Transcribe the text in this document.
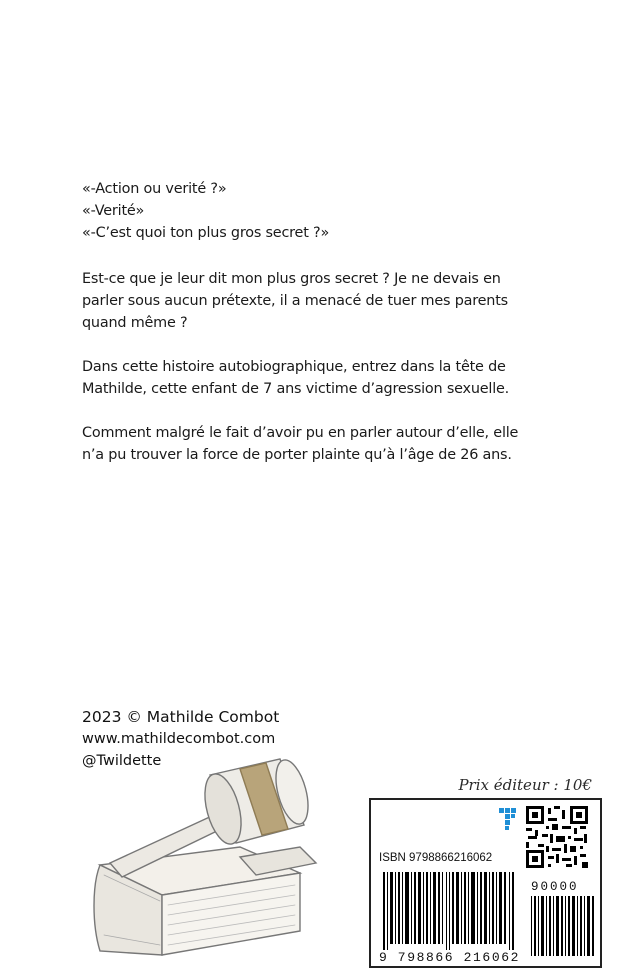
«-Action ou verité ?»
«-Verité»
«-C’est quoi ton plus gros secret ?»

Est-ce que je leur dit mon plus gros secret ? Je ne devais en
parler sous aucun prétexte, il a menacé de tuer mes parents
quand même ?

Dans cette histoire autobiographique, entrez dans la tête de
Mathilde, cette enfant de 7 ans victime d’agression sexuelle.

Comment malgré le fait d’avoir pu en parler autour d’elle, elle
n’a pu trouver la force de porter plainte qu’à l’âge de 26 ans.

2023 © Mathilde Combot
www.mathildecombot.com
@Twildette
Prix éditeur : 10€
ISBN 9798866216062
90000
9 798866 216062
